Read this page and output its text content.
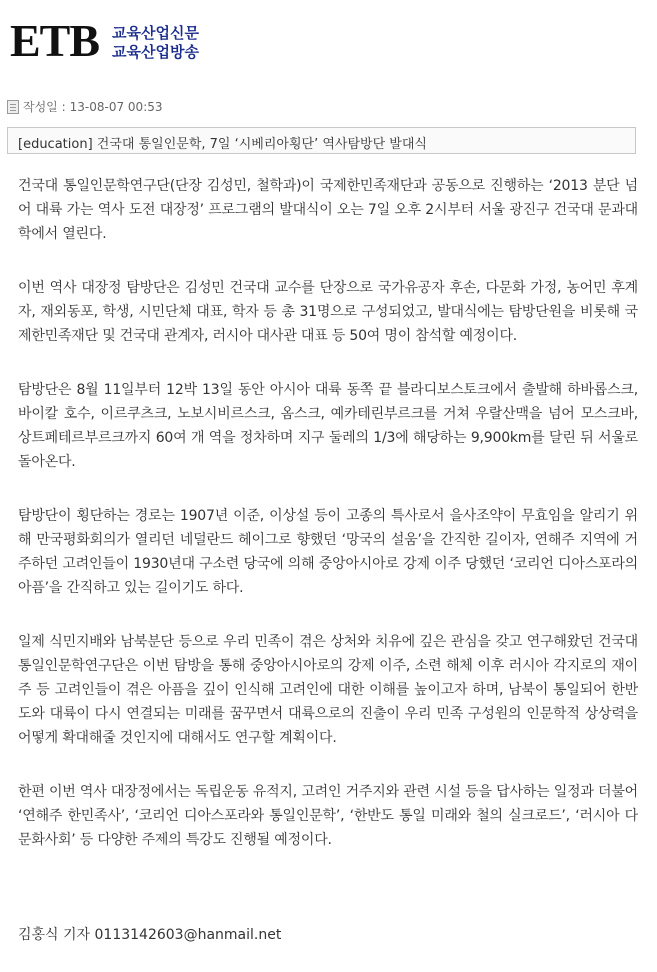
ETB 교육산업신문
교육산업방송
작성일 : 13-08-07 00:53
[education] 건국대 통일인문학, 7일 ‘시베리아횡단’ 역사탐방단 발대식

건국대 통일인문학연구단(단장 김성민, 철학과)이 국제한민족재단과 공동으로 진행하는 ‘2013 분단 넘어 대륙 가는 역사 도전 대장정’ 프로그램의 발대식이 오는 7일 오후 2시부터 서울 광진구 건국대 문과대학에서 열린다.

이번 역사 대장정 탐방단은 김성민 건국대 교수를 단장으로 국가유공자 후손, 다문화 가정, 농어민 후계자, 재외동포, 학생, 시민단체 대표, 학자 등 총 31명으로 구성되었고, 발대식에는 탐방단원을 비롯해 국제한민족재단 및 건국대 관계자, 러시아 대사관 대표 등 50여 명이 참석할 예정이다.

탐방단은 8월 11일부터 12박 13일 동안 아시아 대륙 동쪽 끝 블라디보스토크에서 출발해 하바롭스크, 바이칼 호수, 이르쿠츠크, 노보시비르스크, 옴스크, 예카테린부르크를 거쳐 우랄산맥을 넘어 모스크바, 상트페테르부르크까지 60여 개 역을 정차하며 지구 둘레의 1/3에 해당하는 9,900km를 달린 뒤 서울로 돌아온다.

탐방단이 횡단하는 경로는 1907년 이준, 이상설 등이 고종의 특사로서 을사조약이 무효임을 알리기 위해 만국평화회의가 열리던 네덜란드 헤이그로 향했던 ‘망국의 설움’을 간직한 길이자, 연해주 지역에 거주하던 고려인들이 1930년대 구소련 당국에 의해 중앙아시아로 강제 이주 당했던 ‘코리언 디아스포라의 아픔’을 간직하고 있는 길이기도 하다.

일제 식민지배와 남북분단 등으로 우리 민족이 겪은 상처와 치유에 깊은 관심을 갖고 연구해왔던 건국대 통일인문학연구단은 이번 탐방을 통해 중앙아시아로의 강제 이주, 소련 해체 이후 러시아 각지로의 재이주 등 고려인들이 겪은 아픔을 깊이 인식해 고려인에 대한 이해를 높이고자 하며, 남북이 통일되어 한반도와 대륙이 다시 연결되는 미래를 꿈꾸면서 대륙으로의 진출이 우리 민족 구성원의 인문학적 상상력을 어떻게 확대해줄 것인지에 대해서도 연구할 계획이다.

한편 이번 역사 대장정에서는 독립운동 유적지, 고려인 거주지와 관련 시설 등을 답사하는 일정과 더불어 ‘연해주 한민족사’, ‘코리언 디아스포라와 통일인문학’, ‘한반도 통일 미래와 철의 실크로드’, ‘러시아 다문화사회’ 등 다양한 주제의 특강도 진행될 예정이다.

김홍식 기자 0113142603@hanmail.net
